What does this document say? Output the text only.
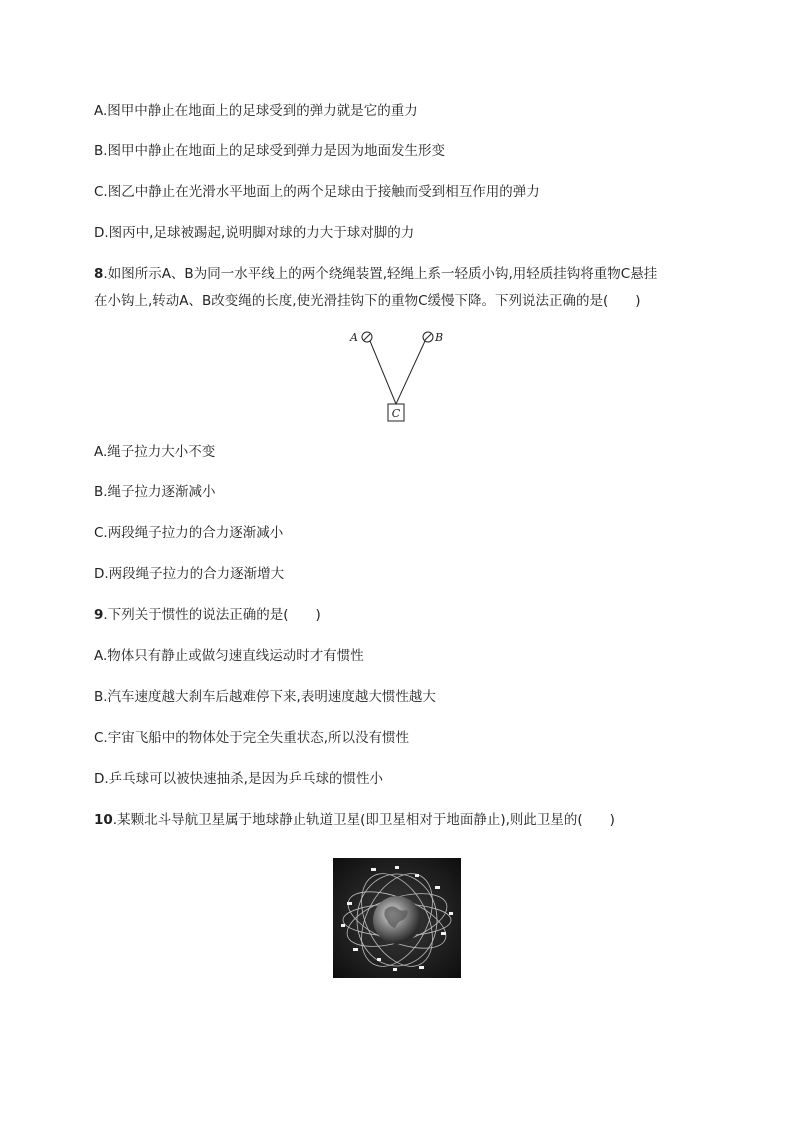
A.图甲中静止在地面上的足球受到的弹力就是它的重力
B.图甲中静止在地面上的足球受到弹力是因为地面发生形变
C.图乙中静止在光滑水平地面上的两个足球由于接触而受到相互作用的弹力
D.图丙中,足球被踢起,说明脚对球的力大于球对脚的力
8.如图所示A、B为同一水平线上的两个绕绳装置,轻绳上系一轻质小钩,用轻质挂钩将重物C悬挂
在小钩上,转动A、B改变绳的长度,使光滑挂钩下的重物C缓慢下降。下列说法正确的是(　　)
A	B
C
A.绳子拉力大小不变
B.绳子拉力逐渐减小
C.两段绳子拉力的合力逐渐减小
D.两段绳子拉力的合力逐渐增大
9.下列关于惯性的说法正确的是(　　)
A.物体只有静止或做匀速直线运动时才有惯性
B.汽车速度越大刹车后越难停下来,表明速度越大惯性越大
C.宇宙飞船中的物体处于完全失重状态,所以没有惯性
D.乒乓球可以被快速抽杀,是因为乒乓球的惯性小
10.某颗北斗导航卫星属于地球静止轨道卫星(即卫星相对于地面静止),则此卫星的(　　)
